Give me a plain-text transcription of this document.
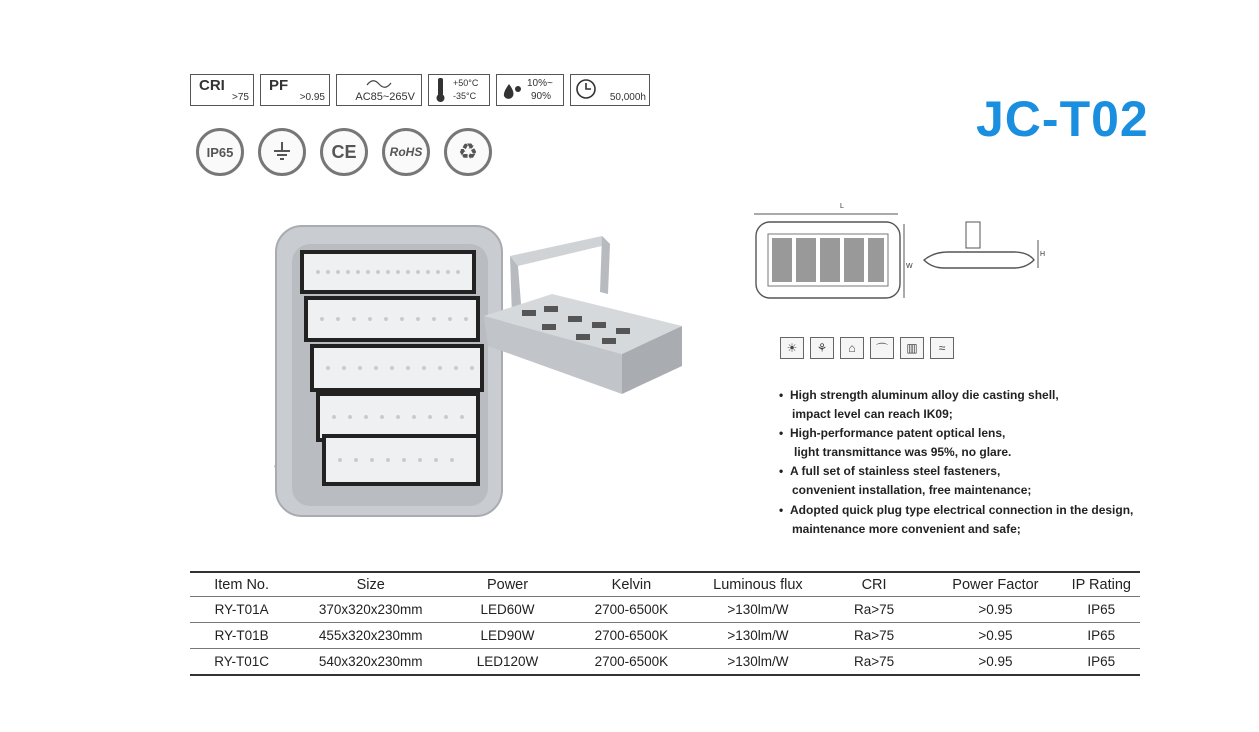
CRI
>75
PF
>0.95	AC85~265V
+50°C
-35°C
10%~
90%	50,000h
IP65	CE	RoHS	♻
JC-T02
L
W
H
☀	⚘	⌂	⌒	▥	≈
• High strength aluminum alloy die casting shell,
impact level can reach IK09;
• High-performance patent optical lens,
light transmittance was 95%, no glare.
• A full set of stainless steel fasteners,
convenient installation, free maintenance;
• Adopted quick plug type electrical connection in the design,
maintenance more convenient and safe;
Item No.	Size	Power	Kelvin	Luminous flux	CRI	Power Factor	IP Rating
RY-T01A	370x320x230mm	LED60W	2700-6500K	>130lm/W	Ra>75	>0.95	IP65
RY-T01B	455x320x230mm	LED90W	2700-6500K	>130lm/W	Ra>75	>0.95	IP65
RY-T01C	540x320x230mm	LED120W	2700-6500K	>130lm/W	Ra>75	>0.95	IP65
